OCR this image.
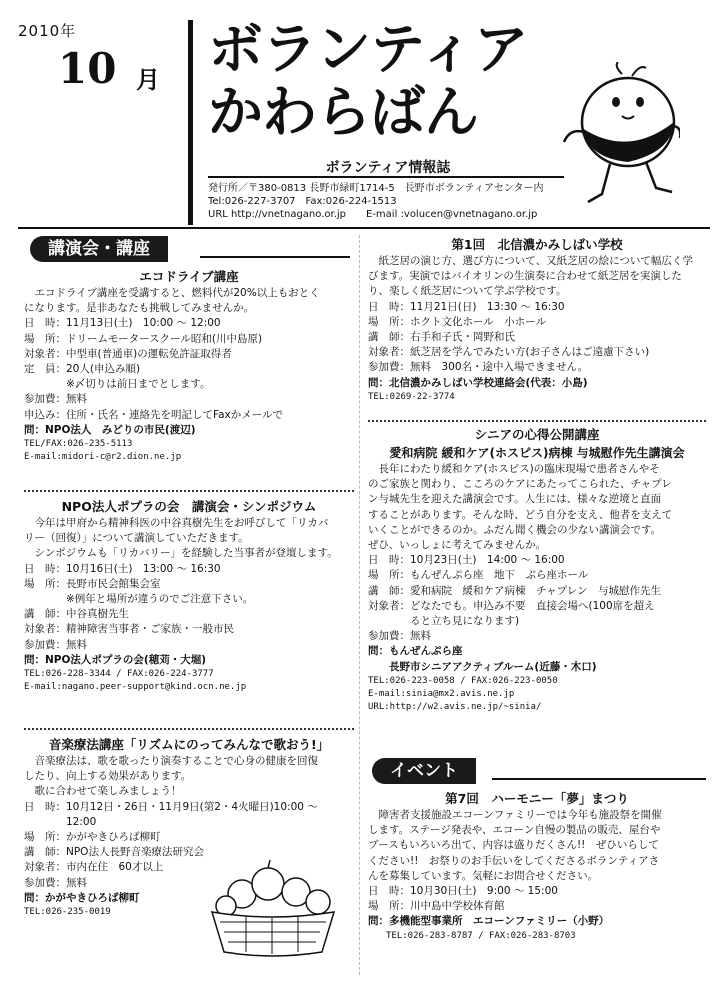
2010年
10 月 ボランティア
かわらばん
ボランティア情報誌
発行所／〒380-0813 長野市緑町1714-5　長野市ボランティアセンター内
Tel:026-227-3707　Fax:026-224-1513
URL http://vnetnagano.or.jp　　E-mail :volucen@vnetnagano.or.jp
講演会・講座
エコドライブ講座
エコドライブ講座を受講すると、燃料代が20%以上もおとく
になります。是非あなたも挑戦してみませんか。
日　時：11月13日(土)　10:00 ～ 12:00
場　所：ドリームモータースクール昭和(川中島原)
対象者：中型車(普通車)の運転免許証取得者
定　員：20人(申込み順)
※〆切りは前日までとします。
参加費：無料
申込み：住所・氏名・連絡先を明記してFaxかメールで
問：NPO法人　みどりの市民(渡辺)
TEL/FAX:026-235-5113
E-mail:midori-c@r2.dion.ne.jp
NPO法人ポプラの会　講演会・シンポジウム
今年は甲府から精神科医の中谷真樹先生をお呼びして「リカバ
リー（回復）」について講演していただきます。
シンポジウムも「リカバリー」を経験した当事者が登壇します。
日　時：10月16日(土)　13:00 ～ 16:30
場　所：長野市民会館集会室
※例年と場所が違うのでご注意下さい。
講　師：中谷真樹先生
対象者：精神障害当事者・ご家族・一般市民
参加費：無料
問：NPO法人ポプラの会(穂苅・大堀)
TEL:026-228-3344 / FAX:026-224-3777
E-mail:nagano.peer-support@kind.ocn.ne.jp
音楽療法講座「リズムにのってみんなで歌おう!」
音楽療法は、歌を歌ったり演奏することで心身の健康を回復
したり、向上する効果があります。
歌に合わせて楽しみましょう！
日　時：10月12日・26日・11月9日(第2・4火曜日)10:00 ～
12:00
場　所：かがやきひろば柳町
講　師：NPO法人長野音楽療法研究会
対象者：市内在住　60才以上
参加費：無料
問：かがやきひろば柳町
TEL:026-235-0019
第1回　北信濃かみしばい学校
紙芝居の演じ方、選び方について、又紙芝居の絵について幅広く学
びます。実演ではバイオリンの生演奏に合わせて紙芝居を実演した
り、楽しく紙芝居について学ぶ学校です。
日　時：11月21日(日)　13:30 ～ 16:30
場　所：ホクト文化ホール　小ホール
講　師：右手和子氏・岡野和氏
対象者：紙芝居を学んでみたい方(お子さんはご遠慮下さい)
参加費：無料　300名・途中入場できません。
問：北信濃かみしばい学校連絡会(代表：小島)
TEL:0269-22-3774
シニアの心得公開講座
愛和病院 緩和ケア(ホスピス)病棟 与城慰作先生講演会
長年にわたり緩和ケア(ホスピス)の臨床現場で患者さんやそ
のご家族と関わり、こころのケアにあたってこられた、チャプレ
ン与城先生を迎えた講演会です。人生には、様々な逆境と直面
することがあります。そんな時、どう自分を支え、他者を支えて
いくことができるのか。ふだん聞く機会の少ない講演会です。
ぜひ、いっしょに考えてみませんか。
日　時：10月23日(土)　14:00 ～ 16:00
場　所：もんぜんぷら座　地下　ぷら座ホール
講　師：愛和病院　緩和ケア病棟　チャプレン　与城慰作先生
対象者：どなたでも。申込み不要　直接会場へ(100席を超え
ると立ち見になります)
参加費：無料
問：もんぜんぷら座
長野市シニアアクティブルーム(近藤・木口)
TEL:026-223-0058 / FAX:026-223-0050
E-mail:sinia@mx2.avis.ne.jp
URL:http://w2.avis.ne.jp/~sinia/
イベント
第7回　ハーモニー「夢」まつり
障害者支援施設エコーンファミリーでは今年も施設祭を開催
します。ステージ発表や、エコーン自慢の製品の販売、屋台や
ブースもいろいろ出て、内容は盛りだくさん!!　ぜひいらして
ください!!　お祭りのお手伝いをしてくださるボランティアさ
んを募集しています。気軽にお問合せください。
日　時：10月30日(土)　9:00 ～ 15:00
場　所：川中島中学校体育館
問：多機能型事業所　エコーンファミリー（小野）
TEL:026-283-8787 / FAX:026-283-8703
